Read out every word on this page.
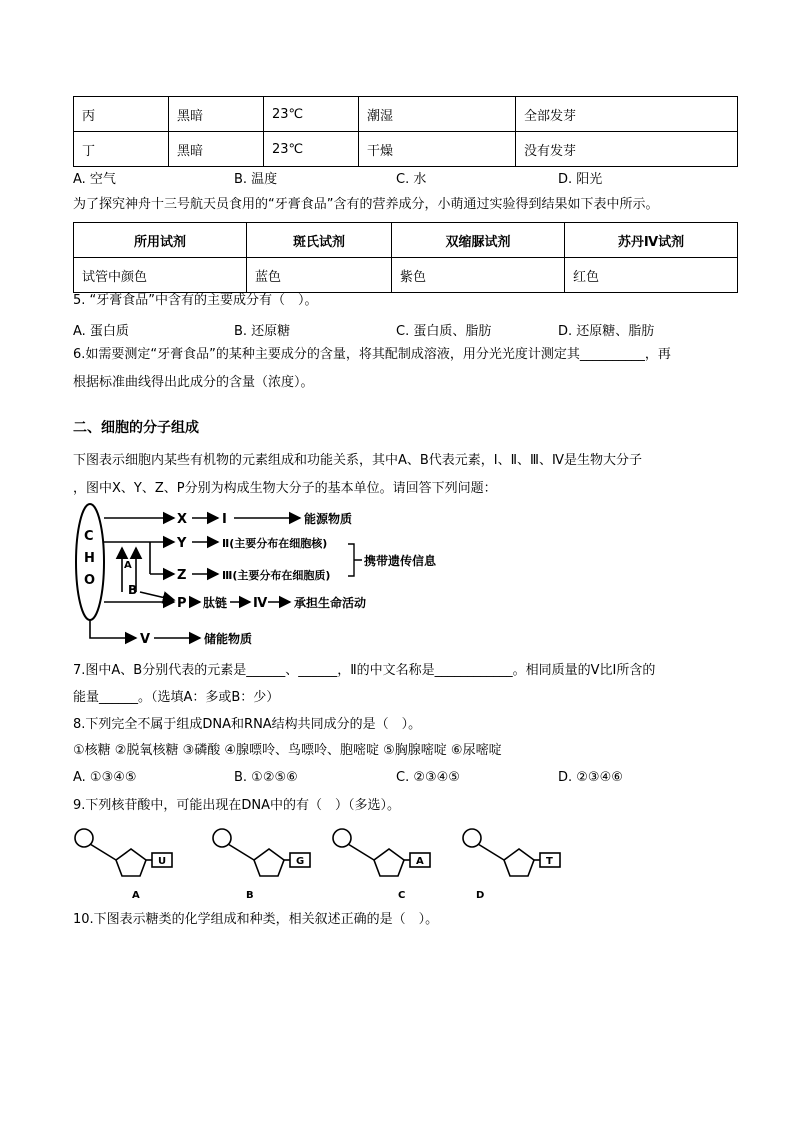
丙	黑暗	23℃	潮湿	全部发芽
丁	黑暗	23℃	干燥	没有发芽
A. 空气	B. 温度	C. 水	D. 阳光
为了探究神舟十三号航天员食用的“牙膏食品”含有的营养成分，小萌通过实验得到结果如下表中所示。
所用试剂	斑氏试剂	双缩脲试剂	苏丹Ⅳ试剂
试管中颜色	蓝色	紫色	红色
5. “牙膏食品”中含有的主要成分有（　）。
A. 蛋白质	B. 还原糖	C. 蛋白质、脂肪	D. 还原糖、脂肪
6.如需要测定“牙膏食品”的某种主要成分的含量，将其配制成溶液，用分光光度计测定其__________，再
根据标准曲线得出此成分的含量（浓度）。
二、细胞的分子组成
下图表示细胞内某些有机物的元素组成和功能关系，其中A、B代表元素，Ⅰ、Ⅱ、Ⅲ、Ⅳ是生物大分子
，图中X、Y、Z、P分别为构成生物大分子的基本单位。请回答下列问题：
C
H
O
X	Ⅰ	能源物质
Y	Ⅱ(主要分布在细胞核)
携带遗传信息
A
Z	Ⅲ(主要分布在细胞质)
B
P 肽链 Ⅳ 承担生命活动
V	储能物质
7.图中A、B分别代表的元素是______、______，Ⅱ的中文名称是____________。相同质量的Ⅴ比Ⅰ所含的
能量______。（选填A：多或B：少）
8.下列完全不属于组成DNA和RNA结构共同成分的是（　）。
①核糖 ②脱氧核糖 ③磷酸 ④腺嘌呤、鸟嘌呤、胞嘧啶 ⑤胸腺嘧啶 ⑥尿嘧啶
A. ①③④⑤	B. ①②⑤⑥	C. ②③④⑤	D. ②③④⑥
9.下列核苷酸中，可能出现在DNA中的有（　）（多选）。
U
A
G
B
A
C
T
D
10.下图表示糖类的化学组成和种类，相关叙述正确的是（　）。
